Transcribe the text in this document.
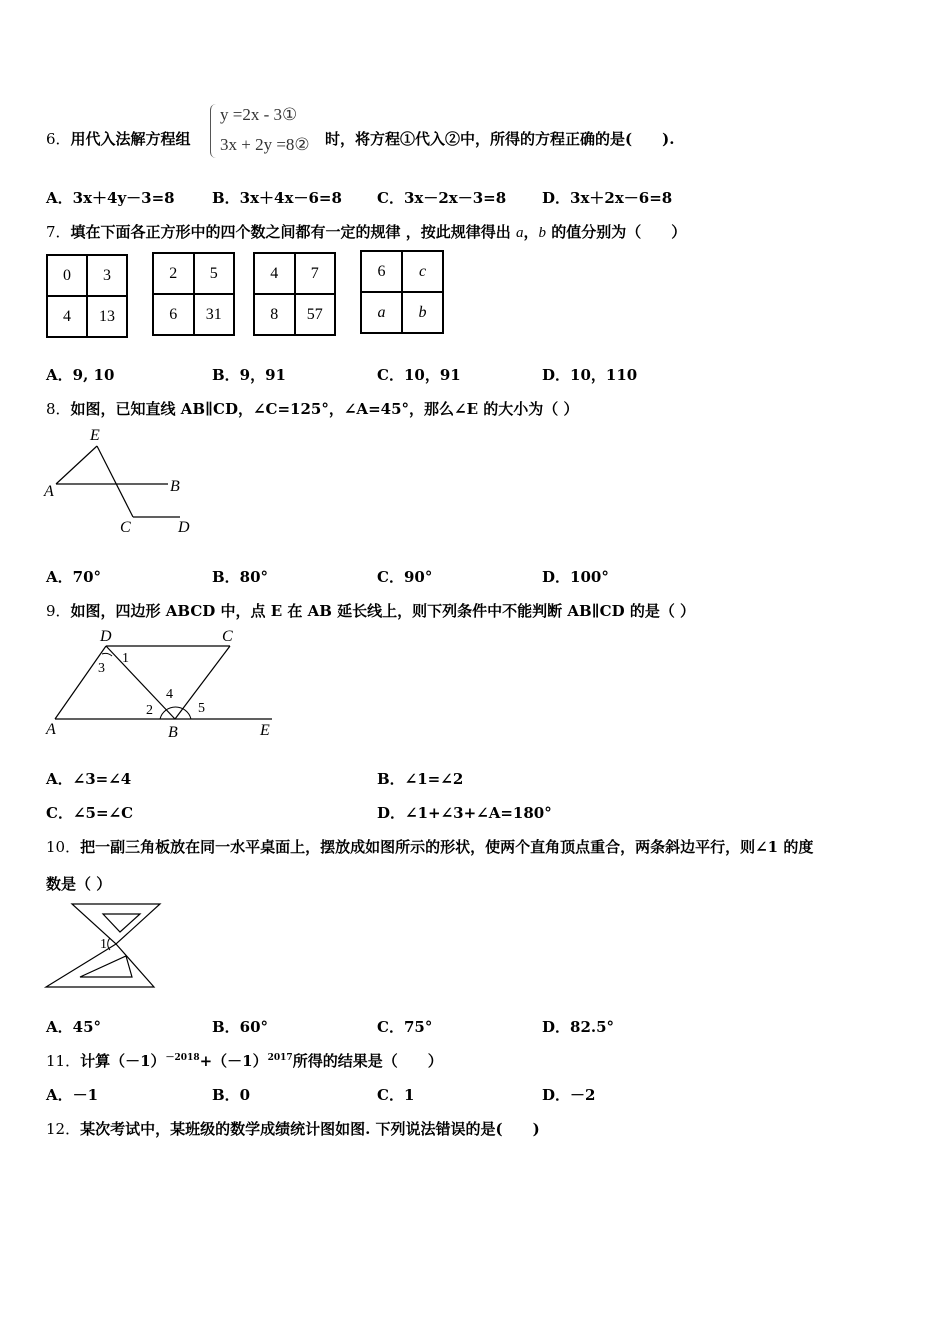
6．用代入法解方程组
y =2x - 3①
3x + 2y =8② 时，将方程①代入②中，所得的方程正确的是(　　).
A．3x＋4y－3=8 B．3x＋4x－6=8 C．3x－2x－3=8 D．3x＋2x－6=8
7．填在下面各正方形中的四个数之间都有一定的规律 ，按此规律得出 a，b 的值分别为（　　）
0	3
4	13
2	5
6	31
4	7
8	57
6	c
a	b
A．9, 10	B．9，91	C．10，91	D．10，110
8．如图，已知直线 AB∥CD，∠C=125°，∠A=45°，那么∠E 的大小为（ ）
E
A	B
C	D
A．70°	B．80°	C．90°	D．100°
9．如图，四边形 ABCD 中，点 E 在 AB 延长线上，则下列条件中不能判断 AB∥CD 的是（ ）
D	C
1
3
4
2	5
A	B	E
A．∠3=∠4	B．∠1=∠2
C．∠5=∠C	D．∠1+∠3+∠A=180°
10．把一副三角板放在同一水平桌面上，摆放成如图所示的形状，使两个直角顶点重合，两条斜边平行，则∠1 的度
数是（ ）
1
A．45°	B．60°	C．75°	D．82.5°
11．计算$(-1)^{-2018}+(-1)^{2017}$所得的结果是（　　）
A．－1	B．0	C．1	D．－2
12．某次考试中，某班级的数学成绩统计图如图. 下列说法错误的是(　　)
